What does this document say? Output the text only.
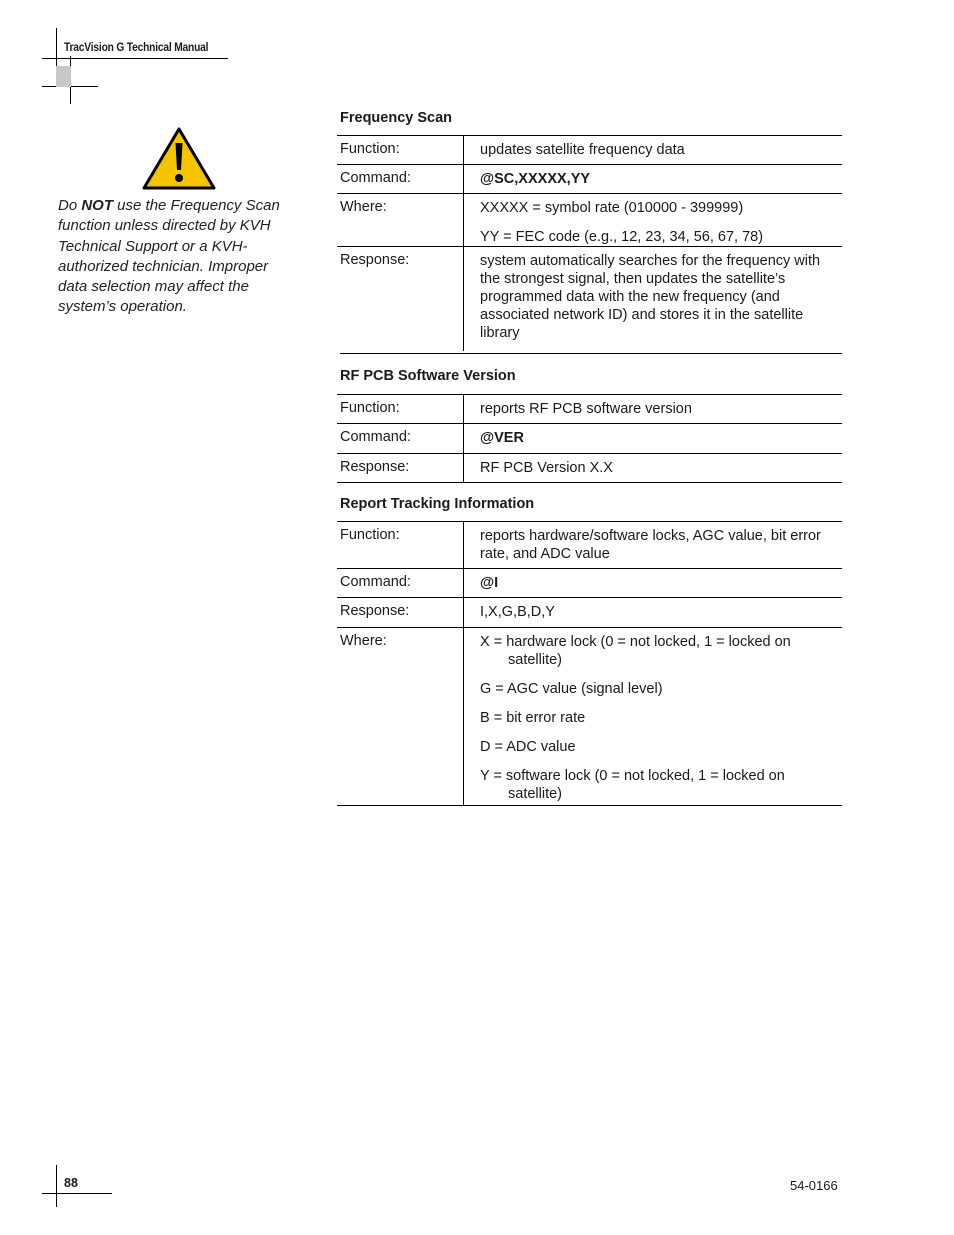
TracVision G Technical Manual
Do NOT use the Frequency Scan function unless directed by KVH Technical Support or a KVH-authorized technician. Improper data selection may affect the system’s operation.
Frequency Scan
Function:	updates satellite frequency data
Command:	@SC,XXXXX,YY
Where:	XXXXX = symbol rate (010000 - 399999)

YY = FEC code (e.g., 12, 23, 34, 56, 67, 78)

Response:	system automatically searches for the frequency with the strongest signal, then updates the satellite’s programmed data with the new frequency (and associated network ID) and stores it in the satellite library
RF PCB Software Version
Function:	reports RF PCB software version
Command:	@VER
Response:	RF PCB Version X.X
Report Tracking Information
Function:	reports hardware/software locks, AGC value, bit error rate, and ADC value
Command:	@I
Response:	I,X,G,B,D,Y
Where:	X = hardware lock (0 = not locked, 1 = locked on satellite)

G = AGC value (signal level)

B = bit error rate

D = ADC value

Y = software lock (0 = not locked, 1 = locked on satellite)

88	54-0166
